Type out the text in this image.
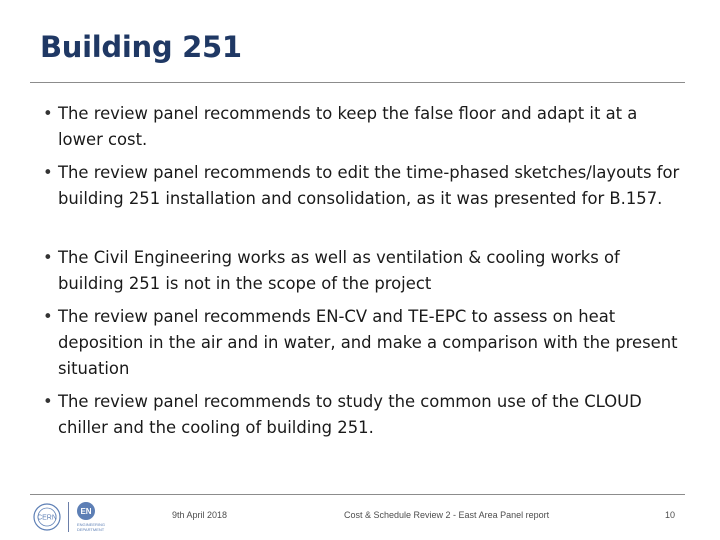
Building 251
• The review panel recommends to keep the false floor and adapt it at a lower cost.
• The review panel recommends to edit the time-phased sketches/layouts for building 251 installation and consolidation, as it was presented for B.157.
• The Civil Engineering works as well as ventilation & cooling works of building 251 is not in the scope of the project
• The review panel recommends EN-CV and TE-EPC to assess on heat deposition in the air and in water, and make a comparison with the present situation
• The review panel recommends to study the common use of the CLOUD chiller and the cooling of building 251.
CERN
EN
ENGINEERING DEPARTMENT
9th April 2018	Cost & Schedule Review 2 - East Area Panel report	10
